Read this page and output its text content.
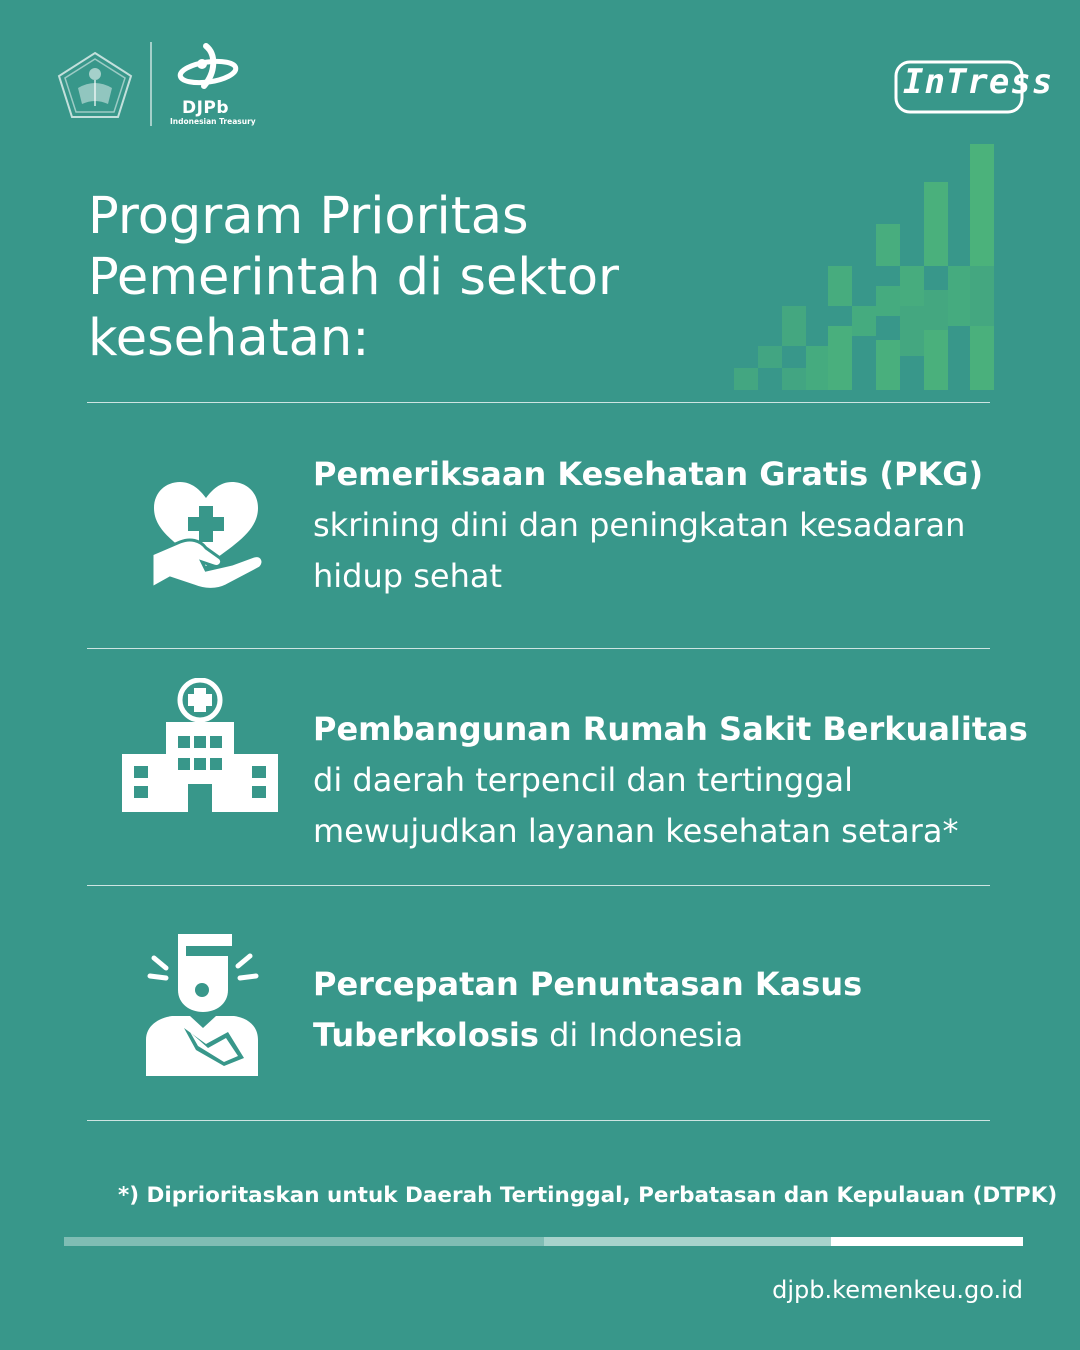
DJPb
Indonesian Treasury
InTress
Program Prioritas
Pemerintah di sektor
kesehatan:
Pemeriksaan Kesehatan Gratis (PKG)
skrining dini dan peningkatan kesadaran
hidup sehat
Pembangunan Rumah Sakit Berkualitas
di daerah terpencil dan tertinggal
mewujudkan layanan kesehatan setara*
Percepatan Penuntasan Kasus
Tuberkolosis di Indonesia
*) Diprioritaskan untuk Daerah Tertinggal, Perbatasan dan Kepulauan (DTPK)
djpb.kemenkeu.go.id
